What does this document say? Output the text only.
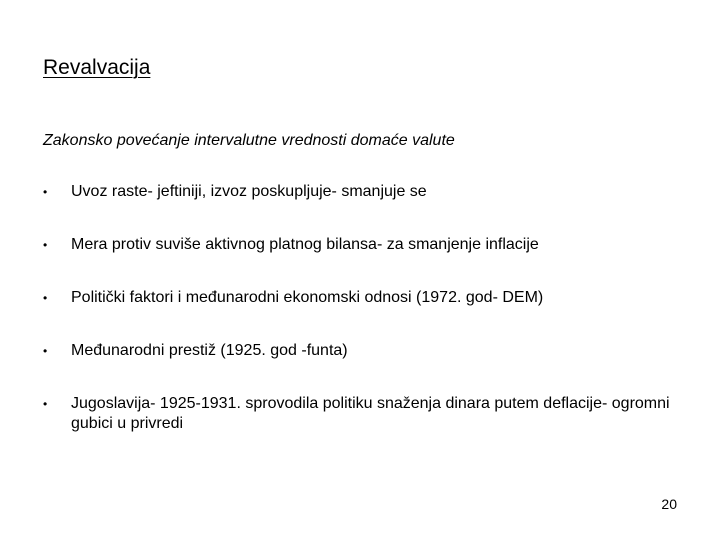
Revalvacija
Zakonsko povećanje intervalutne vrednosti domaće valute
• Uvoz raste- jeftiniji, izvoz poskupljuje- smanjuje se
• Mera protiv suviše aktivnog platnog bilansa- za smanjenje inflacije
• Politički faktori i međunarodni ekonomski odnosi (1972. god- DEM)
• Međunarodni prestiž (1925. god -funta)
• Jugoslavija- 1925-1931. sprovodila politiku snaženja dinara putem deflacije- ogromni gubici u privredi
20
